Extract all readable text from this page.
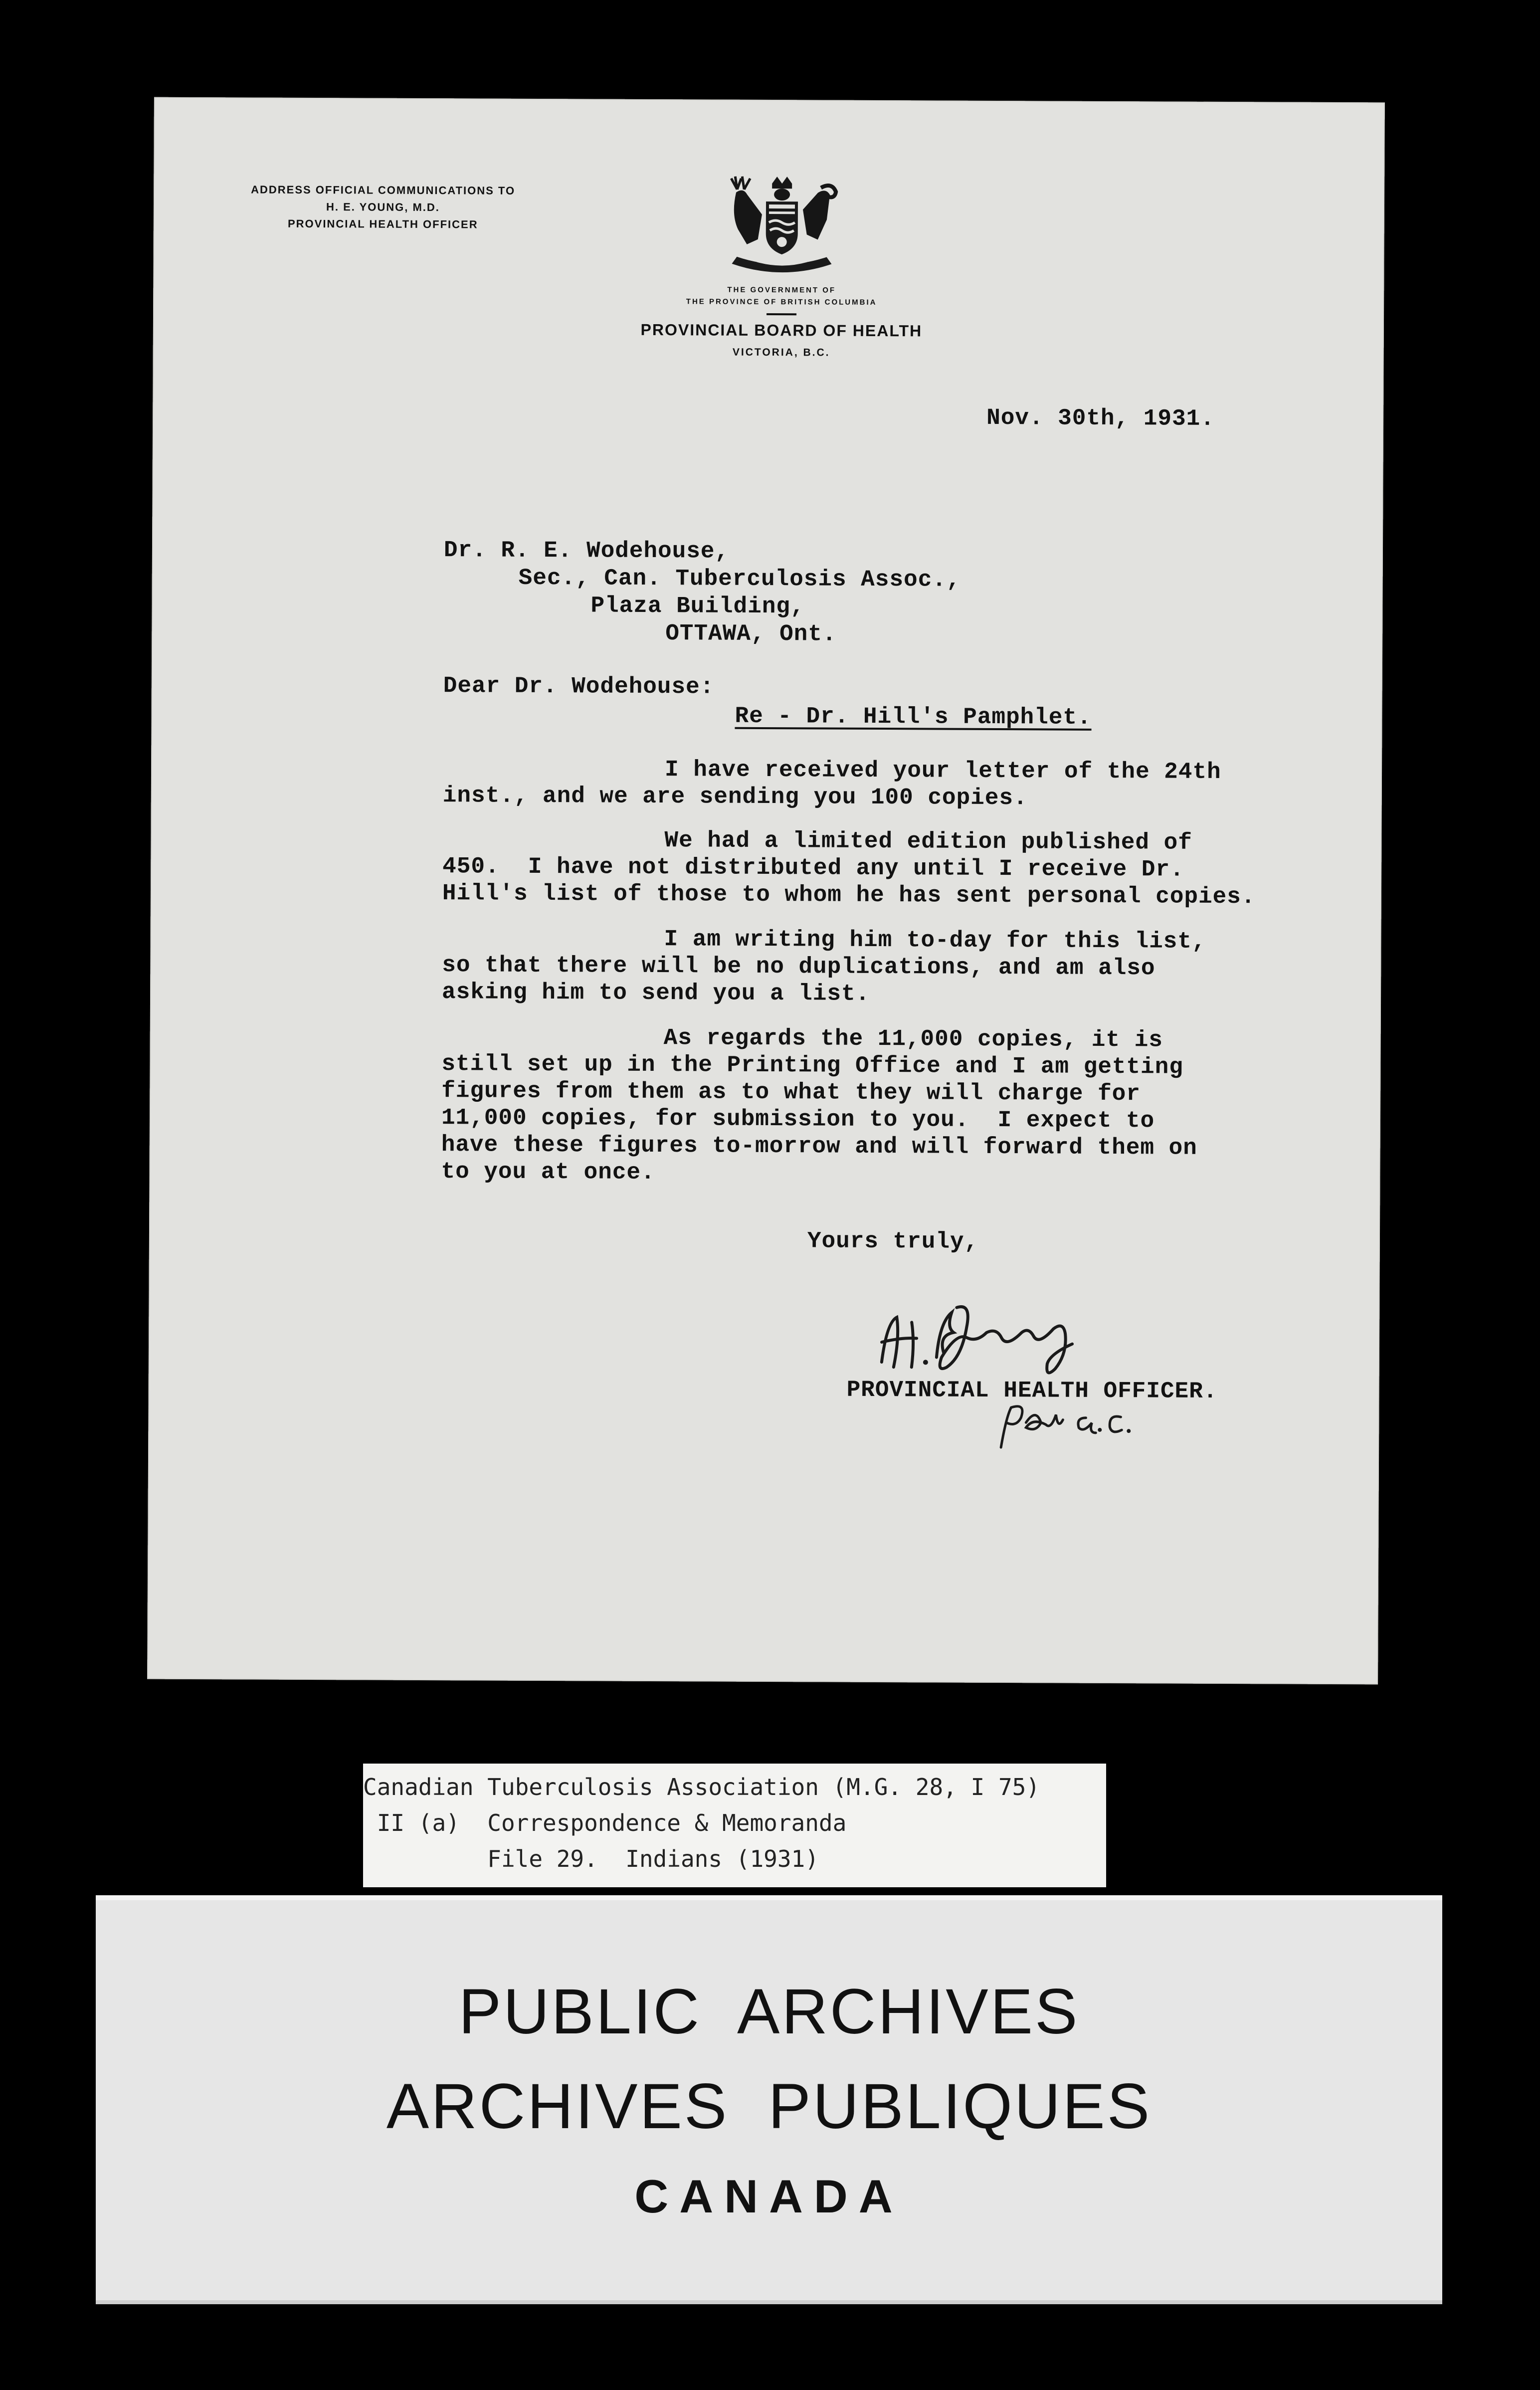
ADDRESS OFFICIAL COMMUNICATIONS TO
H. E. YOUNG, M.D.
PROVINCIAL HEALTH OFFICER
THE GOVERNMENT OF
THE PROVINCE OF BRITISH COLUMBIA
PROVINCIAL BOARD OF HEALTH
VICTORIA, B.C.
Nov. 30th, 1931.
Dr. R. E. Wodehouse,
Sec., Can. Tuberculosis Assoc.,
Plaza Building,
OTTAWA, Ont.
Dear Dr. Wodehouse:
Re - Dr. Hill's Pamphlet.
I have received your letter of the 24th
inst., and we are sending you 100 copies.
We had a limited edition published of
450.  I have not distributed any until I receive Dr.
Hill's list of those to whom he has sent personal copies.
I am writing him to-day for this list,
so that there will be no duplications, and am also
asking him to send you a list.
As regards the 11,000 copies, it is
still set up in the Printing Office and I am getting
figures from them as to what they will charge for
11,000 copies, for submission to you.  I expect to
have these figures to-morrow and will forward them on
to you at once.
Yours truly,
PROVINCIAL HEALTH OFFICER.
Canadian Tuberculosis Association (M.G. 28, I 75)
II (a)  Correspondence & Memoranda
File 29.  Indians (1931)
PUBLIC  ARCHIVES
ARCHIVES  PUBLIQUES
CANADA
